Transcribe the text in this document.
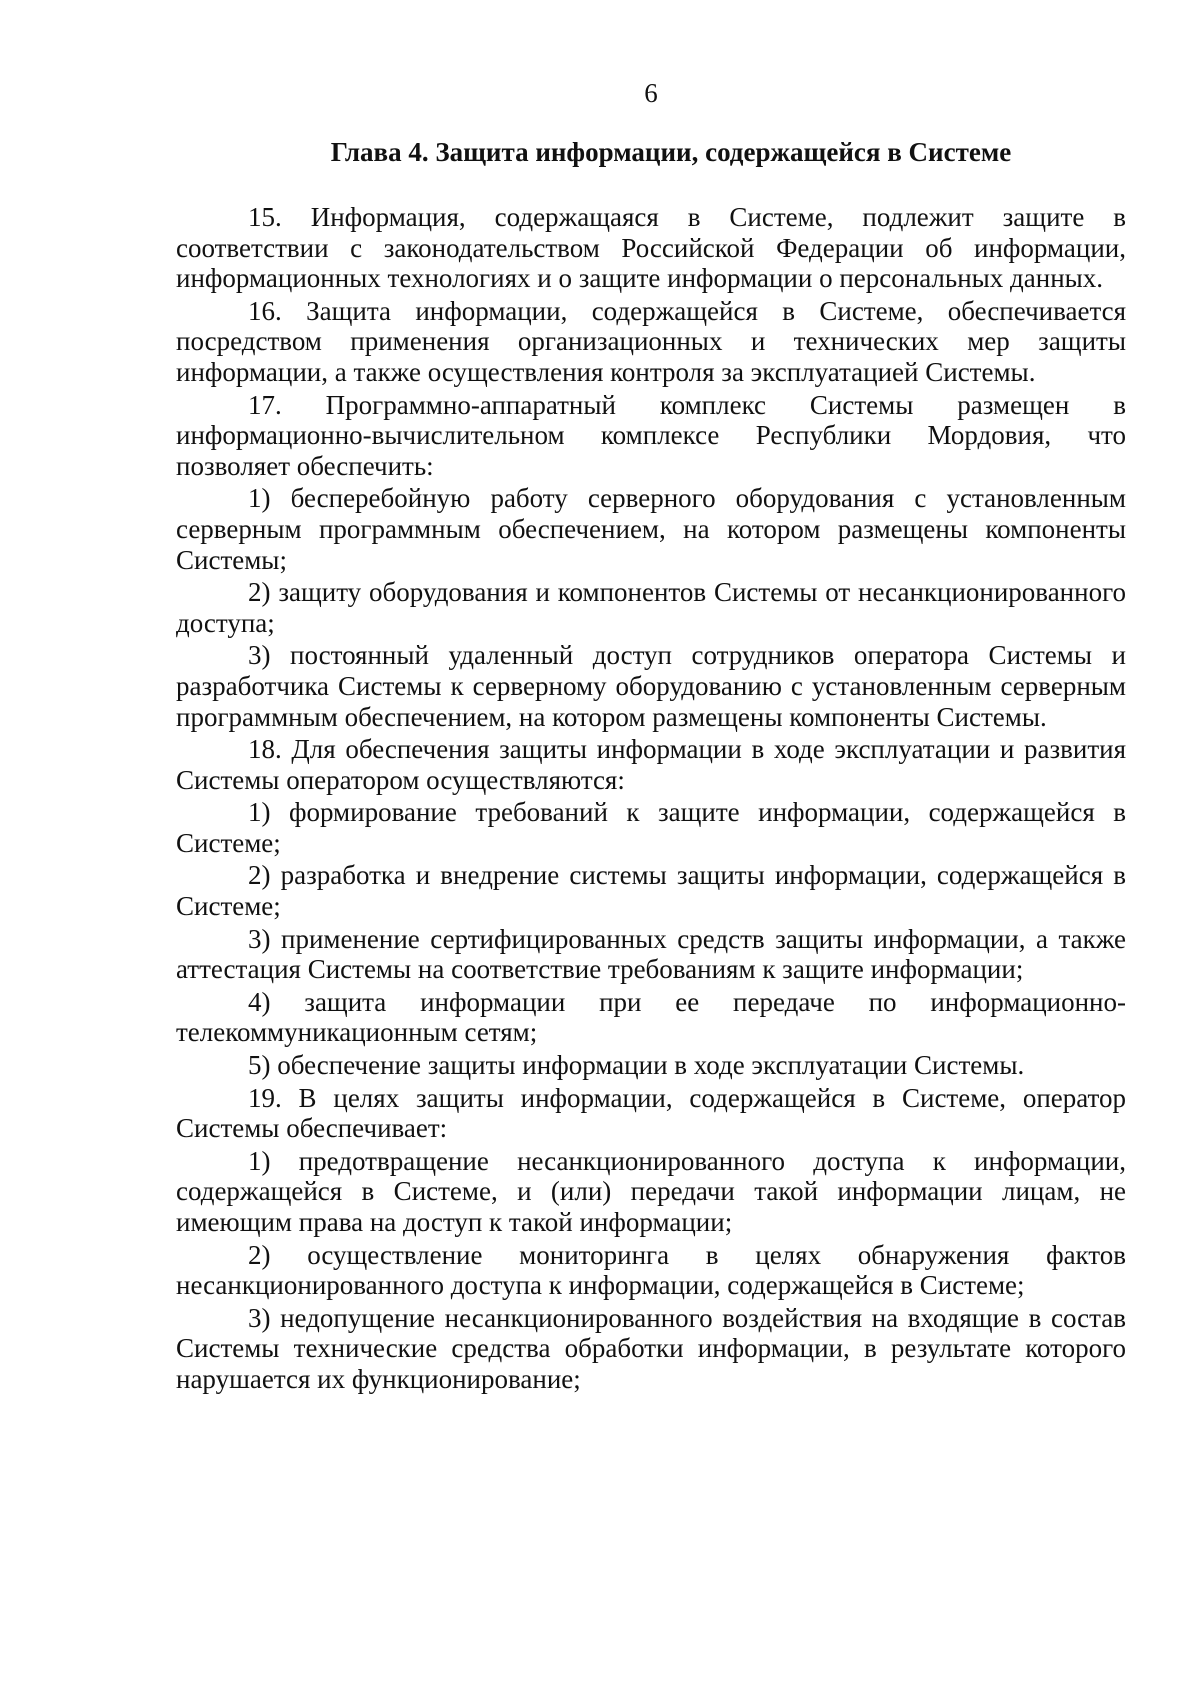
6

Глава 4. Защита информации, содержащейся в Системе

15. Информация, содержащаяся в Системе, подлежит защите в соответствии с законодательством Российской Федерации об информации, информационных технологиях и о защите информации о персональных данных.

16. Защита информации, содержащейся в Системе, обеспечивается посредством применения организационных и технических мер защиты информации, а также осуществления контроля за эксплуатацией Системы.

17. Программно-аппаратный комплекс Системы размещен в информационно-вычислительном комплексе Республики Мордовия, что позволяет обеспечить:

1) бесперебойную работу серверного оборудования с установленным серверным программным обеспечением, на котором размещены компоненты Системы;

2) защиту оборудования и компонентов Системы от несанкционированного доступа;

3) постоянный удаленный доступ сотрудников оператора Системы и разработчика Системы к серверному оборудованию с установленным серверным программным обеспечением, на котором размещены компоненты Системы.

18. Для обеспечения защиты информации в ходе эксплуатации и развития Системы оператором осуществляются:

1) формирование требований к защите информации, содержащейся в Системе;

2) разработка и внедрение системы защиты информации, содержащейся в Системе;

3) применение сертифицированных средств защиты информации, а также аттестация Системы на соответствие требованиям к защите информации;

4) защита информации при ее передаче по информационно-телекоммуникационным сетям;

5) обеспечение защиты информации в ходе эксплуатации Системы.

19. В целях защиты информации, содержащейся в Системе, оператор Системы обеспечивает:

1) предотвращение несанкционированного доступа к информации, содержащейся в Системе, и (или) передачи такой информации лицам, не имеющим права на доступ к такой информации;

2) осуществление мониторинга в целях обнаружения фактов несанкционированного доступа к информации, содержащейся в Системе;

3) недопущение несанкционированного воздействия на входящие в состав Системы технические средства обработки информации, в результате которого нарушается их функционирование;
